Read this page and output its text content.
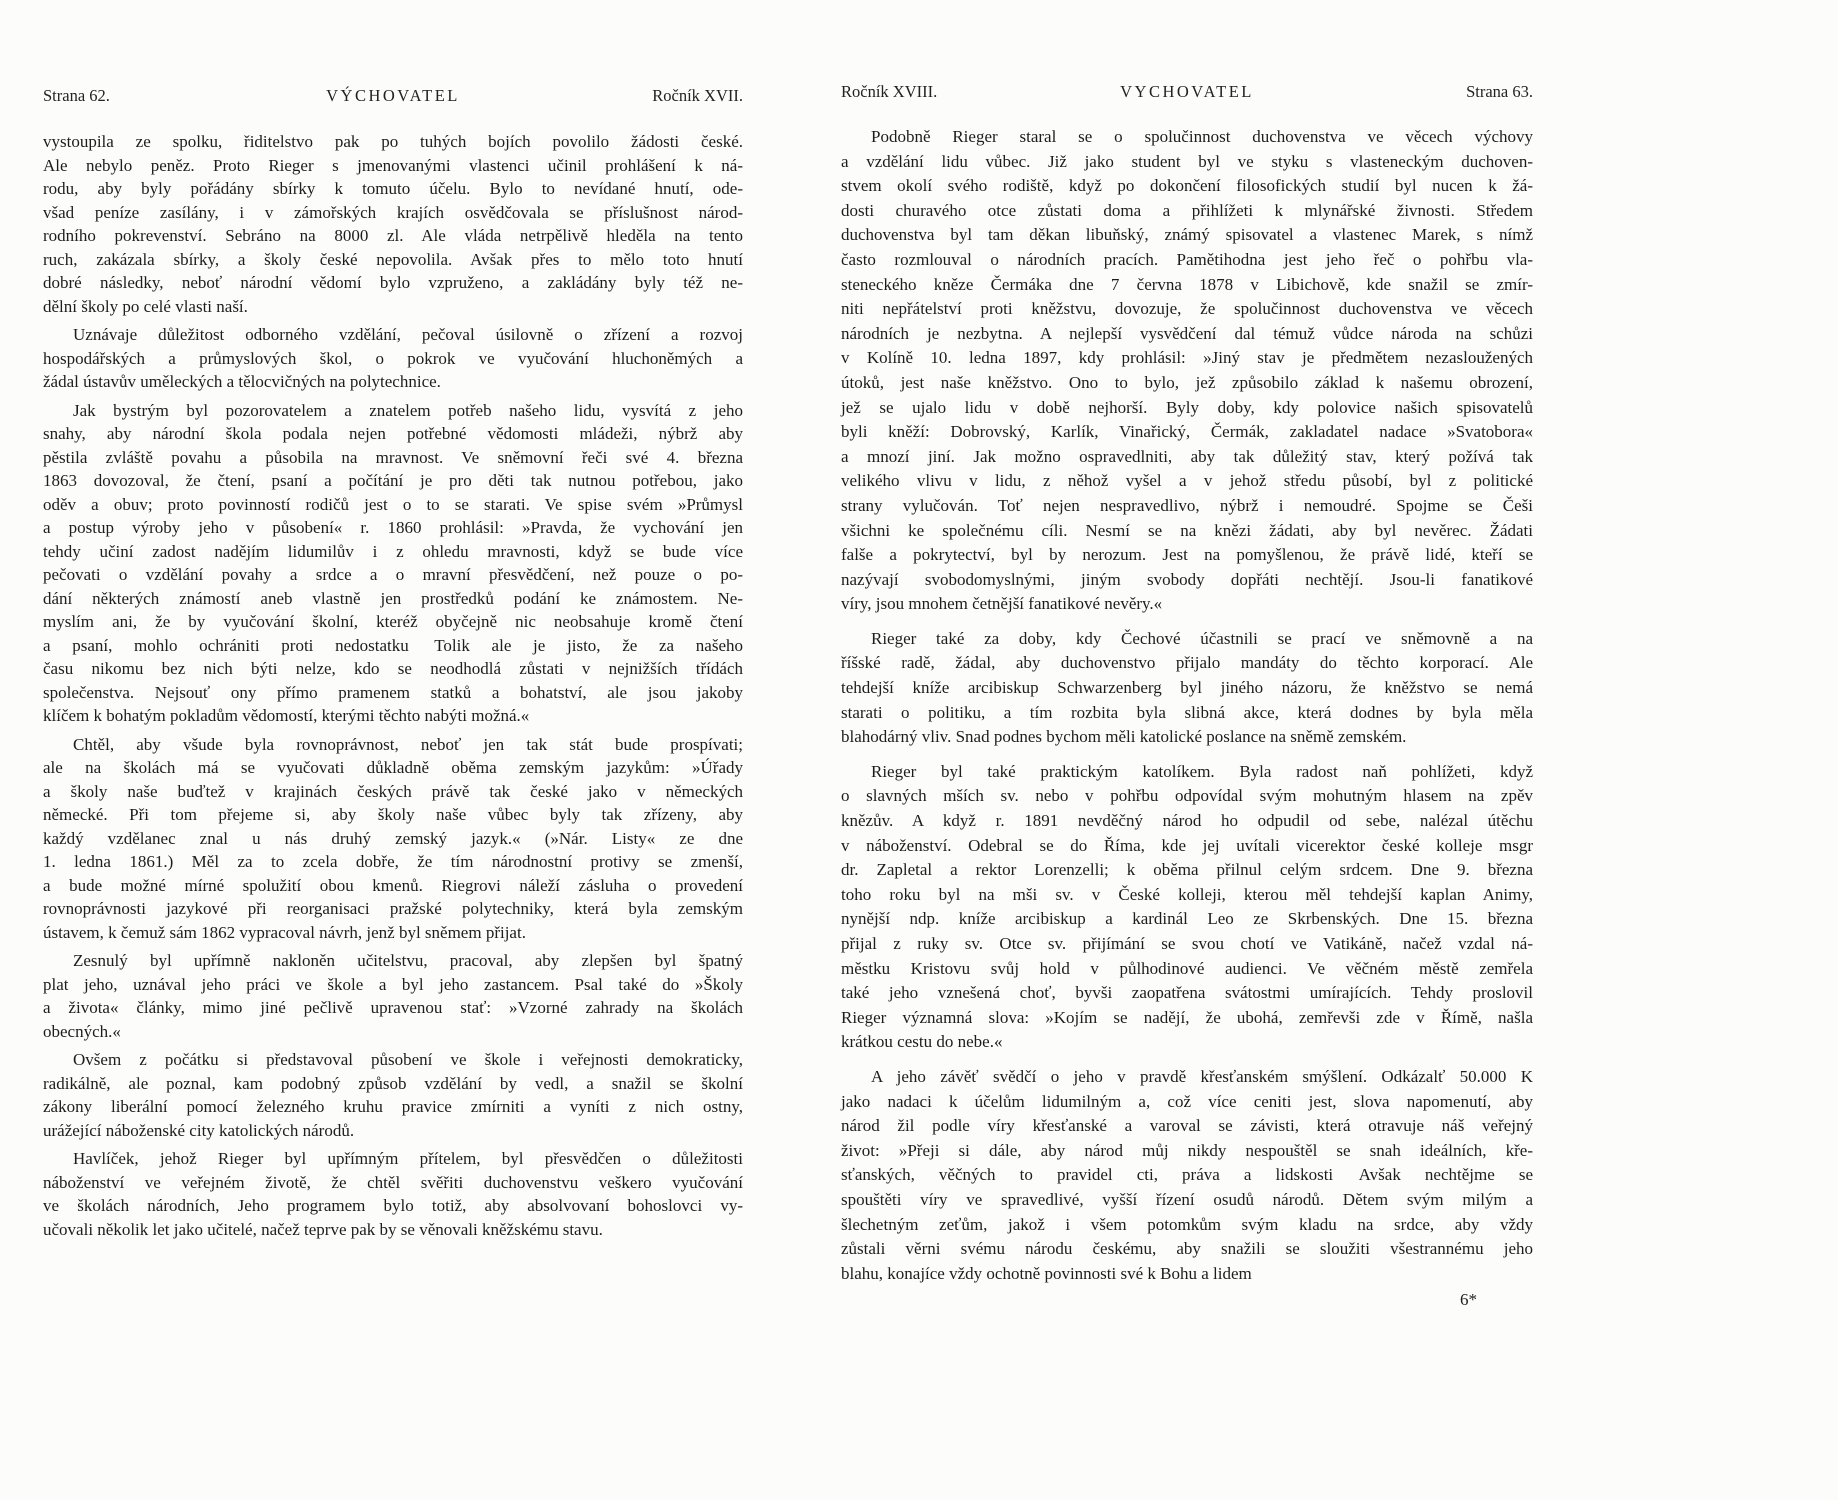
Strana 62.	VÝCHOVATEL	Ročník XVII.

vystoupila ze spolku, řiditelstvo pak po tuhých bojích povolilo žádosti české.
Ale nebylo peněz. Proto Rieger s jmenovanými vlastenci učinil prohlášení k ná-
rodu, aby byly pořádány sbírky k tomuto účelu. Bylo to nevídané hnutí, ode-
všad peníze zasílány, i v zámořských krajích osvědčovala se příslušnost národ-
rodního pokrevenství. Sebráno na 8000 zl. Ale vláda netrpělivě hleděla na tento
ruch, zakázala sbírky, a školy české nepovolila. Avšak přes to mělo toto hnutí
dobré následky, neboť národní vědomí bylo vzpruženo, a zakládány byly též ne-
dělní školy po celé vlasti naší.

Uznávaje důležitost odborného vzdělání, pečoval úsilovně o zřízení a rozvoj
hospodářských a průmyslových škol, o pokrok ve vyučování hluchoněmých a
žádal ústavův uměleckých a tělocvičných na polytechnice.

Jak bystrým byl pozorovatelem a znatelem potřeb našeho lidu, vysvítá z jeho
snahy, aby národní škola podala nejen potřebné vědomosti mládeži, nýbrž aby
pěstila zvláště povahu a působila na mravnost. Ve sněmovní řeči své 4. března
1863 dovozoval, že čtení, psaní a počítání je pro děti tak nutnou potřebou, jako
oděv a obuv; proto povinností rodičů jest o to se starati. Ve spise svém »Průmysl
a postup výroby jeho v působení« r. 1860 prohlásil: »Pravda, že vychování jen
tehdy učiní zadost nadějím lidumilův i z ohledu mravnosti, když se bude více
pečovati o vzdělání povahy a srdce a o mravní přesvědčení, než pouze o po-
dání některých známostí aneb vlastně jen prostředků podání ke známostem. Ne-
myslím ani, že by vyučování školní, kteréž obyčejně nic neobsahuje kromě čtení
a psaní, mohlo ochrániti proti nedostatku  Tolik ale je jisto, že za našeho
času nikomu bez nich býti nelze, kdo se neodhodlá zůstati v nejnižších třídách
společenstva. Nejsouť ony přímo pramenem statků a bohatství, ale jsou jakoby
klíčem k bohatým pokladům vědomostí, kterými těchto nabýti možná.«

Chtěl, aby všude byla rovnoprávnost, neboť jen tak stát bude prospívati;
ale na školách má se vyučovati důkladně oběma zemským jazykům: »Úřady
a školy naše buďtež v krajinách českých právě tak české jako v německých
německé. Při tom přejeme si, aby školy naše vůbec byly tak zřízeny, aby
každý vzdělanec znal u nás druhý zemský jazyk.« (»Nár. Listy« ze dne
1. ledna 1861.) Měl za to zcela dobře, že tím národnostní protivy se zmenší,
a bude možné mírné spolužití obou kmenů. Riegrovi náleží zásluha o provedení
rovnoprávnosti jazykové při reorganisaci pražské polytechniky, která byla zemským
ústavem, k čemuž sám 1862 vypracoval návrh, jenž byl sněmem přijat.

Zesnulý byl upřímně nakloněn učitelstvu, pracoval, aby zlepšen byl špatný
plat jeho, uznával jeho práci ve škole a byl jeho zastancem. Psal také do »Školy
a života« články, mimo jiné pečlivě upravenou stať: »Vzorné zahrady na školách
obecných.«

Ovšem z počátku si představoval působení ve škole i veřejnosti demokraticky,
radikálně, ale poznal, kam podobný způsob vzdělání by vedl, a snažil se školní
zákony liberální pomocí železného kruhu pravice zmírniti a vyníti z nich ostny,
urážející náboženské city katolických národů.

Havlíček, jehož Rieger byl upřímným přítelem, byl přesvědčen o důležitosti
náboženství ve veřejném životě, že chtěl svěřiti duchovenstvu veškero vyučování
ve školách národních, Jeho programem bylo totiž, aby absolvovaní bohoslovci vy-
učovali několik let jako učitelé, načež teprve pak by se věnovali kněžskému stavu.

Ročník XVIII.	VYCHOVATEL	Strana 63.

Podobně Rieger staral se o spolučinnost duchovenstva ve věcech výchovy
a vzdělání lidu vůbec. Již jako student byl ve styku s vlasteneckým duchoven-
stvem okolí svého rodiště, když po dokončení filosofických studií byl nucen k žá-
dosti churavého otce zůstati doma a přihlížeti k mlynářské živnosti. Středem
duchovenstva byl tam děkan libuňský, známý spisovatel a vlastenec Marek, s nímž
často rozmlouval o národních pracích. Pamětihodna jest jeho řeč o pohřbu vla-
steneckého kněze Čermáka dne 7 června 1878 v Libichově, kde snažil se zmír-
niti nepřátelství proti kněžstvu, dovozuje, že spolučinnost duchovenstva ve věcech
národních je nezbytna. A nejlepší vysvědčení dal témuž vůdce národa na schůzi
v Kolíně 10. ledna 1897, kdy prohlásil: »Jiný stav je předmětem nezasloužených
útoků, jest naše kněžstvo. Ono to bylo, jež způsobilo základ k našemu obrození,
jež se ujalo lidu v době nejhorší. Byly doby, kdy polovice našich spisovatelů
byli kněží: Dobrovský, Karlík, Vinařický, Čermák, zakladatel nadace »Svatobora«
a mnozí jiní. Jak možno ospravedlniti, aby tak důležitý stav, který požívá tak
velikého vlivu v lidu, z něhož vyšel a v jehož středu působí, byl z politické
strany vylučován. Toť nejen nespravedlivo, nýbrž i nemoudré. Spojme se Češi
všichni ke společnému cíli. Nesmí se na knězi žádati, aby byl nevěrec. Žádati
falše a pokrytectví, byl by nerozum. Jest na pomyšlenou, že právě lidé, kteří se
nazývají svobodomyslnými, jiným svobody dopřáti nechtějí. Jsou-li fanatikové
víry, jsou mnohem četnější fanatikové nevěry.«

Rieger také za doby, kdy Čechové účastnili se prací ve sněmovně a na
říšské radě, žádal, aby duchovenstvo přijalo mandáty do těchto korporací. Ale
tehdejší kníže arcibiskup Schwarzenberg byl jiného názoru, že kněžstvo se nemá
starati o politiku, a tím rozbita byla slibná akce, která dodnes by byla měla
blahodárný vliv. Snad podnes bychom měli katolické poslance na sněmě zemském.

Rieger byl také praktickým katolíkem. Byla radost naň pohlížeti, když
o slavných mších sv. nebo v pohřbu odpovídal svým mohutným hlasem na zpěv
knězův. A když r. 1891 nevděčný národ ho odpudil od sebe, nalézal útěchu
v náboženství. Odebral se do Říma, kde jej uvítali vicerektor české kolleje msgr
dr. Zapletal a rektor Lorenzelli; k oběma přilnul celým srdcem. Dne 9. března
toho roku byl na mši sv. v České kolleji, kterou měl tehdejší kaplan Animy,
nynější ndp. kníže arcibiskup a kardinál Leo ze Skrbenských. Dne 15. března
přijal z ruky sv. Otce sv. přijímání se svou chotí ve Vatikáně, načež vzdal ná-
městku Kristovu svůj hold v půlhodinové audienci. Ve věčném městě zemřela
také jeho vznešená choť, byvši zaopatřena svátostmi umírajících. Tehdy proslovil
Rieger významná slova: »Kojím se nadějí, že ubohá, zemřevši zde v Římě, našla
krátkou cestu do nebe.«

A jeho závěť svědčí o jeho v pravdě křesťanském smýšlení. Odkázalť 50.000 K
jako nadaci k účelům lidumilným a, což více ceniti jest, slova napomenutí, aby
národ žil podle víry křesťanské a varoval se závisti, která otravuje náš veřejný
život: »Přeji si dále, aby národ můj nikdy nespouštěl se snah ideálních, kře-
sťanských, věčných to pravidel cti, práva a lidskosti  Avšak nechtějme se
spouštěti víry ve spravedlivé, vyšší řízení osudů národů. Dětem svým milým a
šlechetným zeťům, jakož i všem potomkům svým kladu na srdce, aby vždy
zůstali věrni svému národu českému, aby snažili se sloužiti všestrannému jeho
blahu, konajíce vždy ochotně povinnosti své k Bohu a lidem

6*
